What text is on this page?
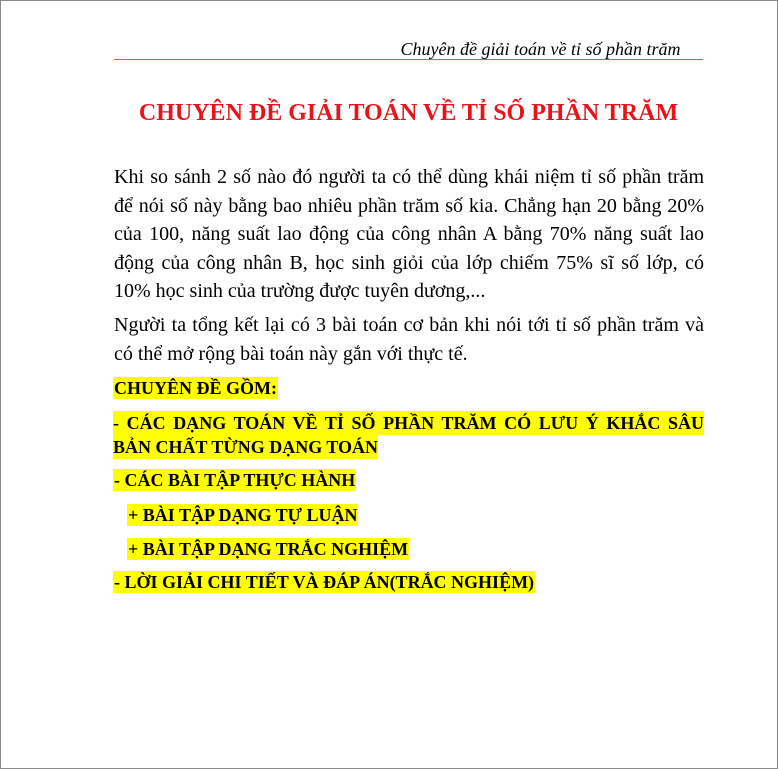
Chuyên đề giải toán về tỉ số phần trăm
CHUYÊN ĐỀ GIẢI TOÁN VỀ TỈ SỐ PHẦN TRĂM

Khi so sánh 2 số nào đó người ta có thể dùng khái niệm tỉ số phần trăm để nói số này bằng bao nhiêu phần trăm số kia. Chẳng hạn 20 bằng 20% của 100, năng suất lao động của công nhân A bằng 70% năng suất lao động của công nhân B, học sinh giỏi của lớp chiếm 75% sĩ số lớp, có 10% học sinh của trường được tuyên dương,...

Người ta tổng kết lại có 3 bài toán cơ bản khi nói tới tỉ số phần trăm và có thể mở rộng bài toán này gắn với thực tế.

CHUYÊN ĐỀ GỒM:
- CÁC DẠNG TOÁN VỀ TỈ SỐ PHẦN TRĂM CÓ LƯU Ý KHẮC SÂU
BẢN CHẤT TỪNG DẠNG TOÁN
- CÁC BÀI TẬP THỰC HÀNH
+ BÀI TẬP DẠNG TỰ LUẬN
+ BÀI TẬP DẠNG TRẮC NGHIỆM
- LỜI GIẢI CHI TIẾT VÀ ĐÁP ÁN(TRẮC NGHIỆM)
